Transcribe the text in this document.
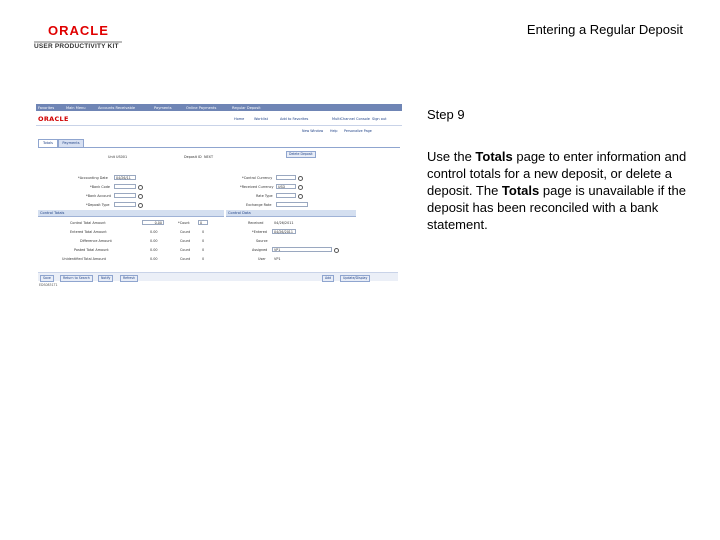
ORACLE
USER PRODUCTIVITY KIT
Entering a Regular Deposit
Favorites	Main Menu	Accounts Receivable	Payments	Online Payments	Regular Deposit
ORACLE	Home	Worklist	Add to Favorites	MultiChannel Console Sign out
New Window Help Personalize Page
Totals	Payments
Unit US001	Deposit ID NEXT
Delete Deposit
*Accounting Date	04/26/11
*Bank Code
*Bank Account
*Deposit Type
*Control Currency
*Received Currency	USD
Rate Type
Exchange Rate
Control Totals
Control Total Amount	0.00	*Count	0
Entered Total Amount	0.00	Count	0
Difference Amount	0.00	Count	0
Posted Total Amount	0.00	Count	0
Unidentified Total Amount	0.00	Count	0
Control Data
Received	04/26/2011
*Entered	04/26/2011
Source
Assigned	VP1
User VP1
Save	Return to Search	Notify	Refresh	Add	Update/Display
EDS0831T1
Step 9
Use the Totals page to enter information and control totals for a new deposit, or delete a deposit. The Totals page is unavailable if the deposit has been reconciled with a bank statement.
